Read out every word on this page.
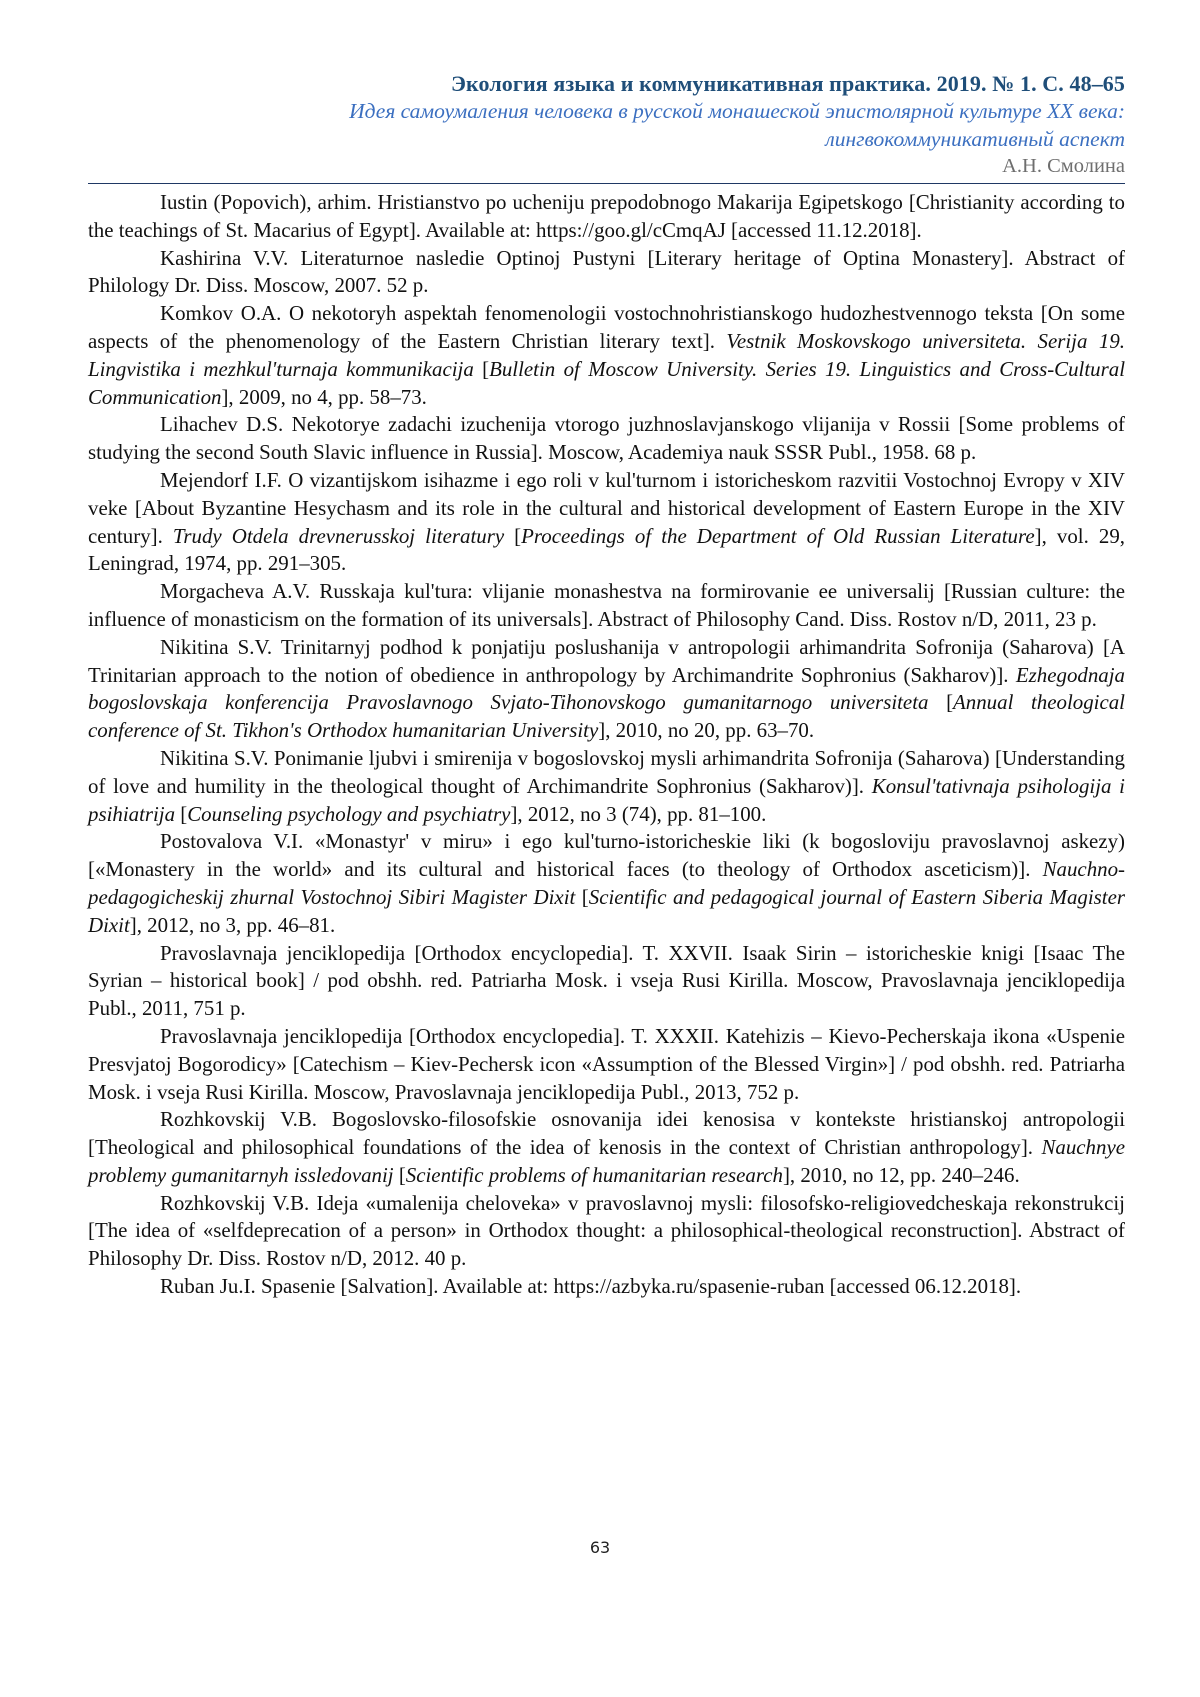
Экология языка и коммуникативная практика. 2019. № 1. С. 48–65
Идея самоумаления человека в русской монашеской эпистолярной культуре XX века:
лингвокоммуникативный аспект
А.Н. Смолина
Iustin (Popovich), arhim. Hristianstvo po ucheniju prepodobnogo Makarija Egipetskogo [Christianity according to the teachings of St. Macarius of Egypt]. Available at: https://goo.gl/cCmqAJ [accessed 11.12.2018].
Kashirina V.V. Literaturnoe nasledie Optinoj Pustyni [Literary heritage of Optina Monastery]. Abstract of Philology Dr. Diss. Moscow, 2007. 52 p.
Komkov O.A. O nekotoryh aspektah fenomenologii vostochnohristianskogo hudozhestvennogo teksta [On some aspects of the phenomenology of the Eastern Christian literary text]. Vestnik Moskovskogo universiteta. Serija 19. Lingvistika i mezhkul'turnaja kommunikacija [Bulletin of Moscow University. Series 19. Linguistics and Cross-Cultural Communication], 2009, no 4, pp. 58–73.
Lihachev D.S. Nekotorye zadachi izuchenija vtorogo juzhnoslavjanskogo vlijanija v Rossii [Some problems of studying the second South Slavic influence in Russia]. Moscow, Academiya nauk SSSR Publ., 1958. 68 p.
Mejendorf I.F. O vizantijskom isihazme i ego roli v kul'turnom i istoricheskom razvitii Vostochnoj Evropy v XIV veke [About Byzantine Hesychasm and its role in the cultural and historical development of Eastern Europe in the XIV century]. Trudy Otdela drevnerusskoj literatury [Proceedings of the Department of Old Russian Literature], vol. 29, Leningrad, 1974, pp. 291–305.
Morgacheva A.V. Russkaja kul'tura: vlijanie monashestva na formirovanie ee universalij [Russian culture: the influence of monasticism on the formation of its universals]. Abstract of Philosophy Cand. Diss. Rostov n/D, 2011, 23 p.
Nikitina S.V. Trinitarnyj podhod k ponjatiju poslushanija v antropologii arhimandrita Sofronija (Saharova) [A Trinitarian approach to the notion of obedience in anthropology by Archimandrite Sophronius (Sakharov)]. Ezhegodnaja bogoslovskaja konferencija Pravoslavnogo Svjato-Tihonovskogo gumanitarnogo universiteta [Annual theological conference of St. Tikhon's Orthodox humanitarian University], 2010, no 20, pp. 63–70.
Nikitina S.V. Ponimanie ljubvi i smirenija v bogoslovskoj mysli arhimandrita Sofronija (Saharova) [Understanding of love and humility in the theological thought of Archimandrite Sophronius (Sakharov)]. Konsul'tativnaja psihologija i psihiatrija [Counseling psychology and psychiatry], 2012, no 3 (74), pp. 81–100.
Postovalova V.I. «Monastyr' v miru» i ego kul'turno-istoricheskie liki (k bogosloviju pravoslavnoj askezy) [«Monastery in the world» and its cultural and historical faces (to theology of Orthodox asceticism)]. Nauchno-pedagogicheskij zhurnal Vostochnoj Sibiri Magister Dixit [Scientific and pedagogical journal of Eastern Siberia Magister Dixit], 2012, no 3, pp. 46–81.
Pravoslavnaja jenciklopedija [Orthodox encyclopedia]. T. XXVII. Isaak Sirin – istoricheskie knigi [Isaac The Syrian – historical book] / pod obshh. red. Patriarha Mosk. i vseja Rusi Kirilla. Moscow, Pravoslavnaja jenciklopedija Publ., 2011, 751 p.
Pravoslavnaja jenciklopedija [Orthodox encyclopedia]. T. XXXII. Katehizis – Kievo-Pecherskaja ikona «Uspenie Presvjatoj Bogorodicy» [Catechism – Kiev-Pechersk icon «Assumption of the Blessed Virgin»] / pod obshh. red. Patriarha Mosk. i vseja Rusi Kirilla. Moscow, Pravoslavnaja jenciklopedija Publ., 2013, 752 p.
Rozhkovskij V.B. Bogoslovsko-filosofskie osnovanija idei kenosisa v kontekste hristianskoj antropologii [Theological and philosophical foundations of the idea of kenosis in the context of Christian anthropology]. Nauchnye problemy gumanitarnyh issledovanij [Scientific problems of humanitarian research], 2010, no 12, pp. 240–246.
Rozhkovskij V.B. Ideja «umalenija cheloveka» v pravoslavnoj mysli: filosofsko-religiovedcheskaja rekonstrukcij [The idea of «selfdeprecation of a person» in Orthodox thought: a philosophical-theological reconstruction]. Abstract of Philosophy Dr. Diss. Rostov n/D, 2012. 40 p.
Ruban Ju.I. Spasenie [Salvation]. Available at: https://azbyka.ru/spasenie-ruban [accessed 06.12.2018].
63
